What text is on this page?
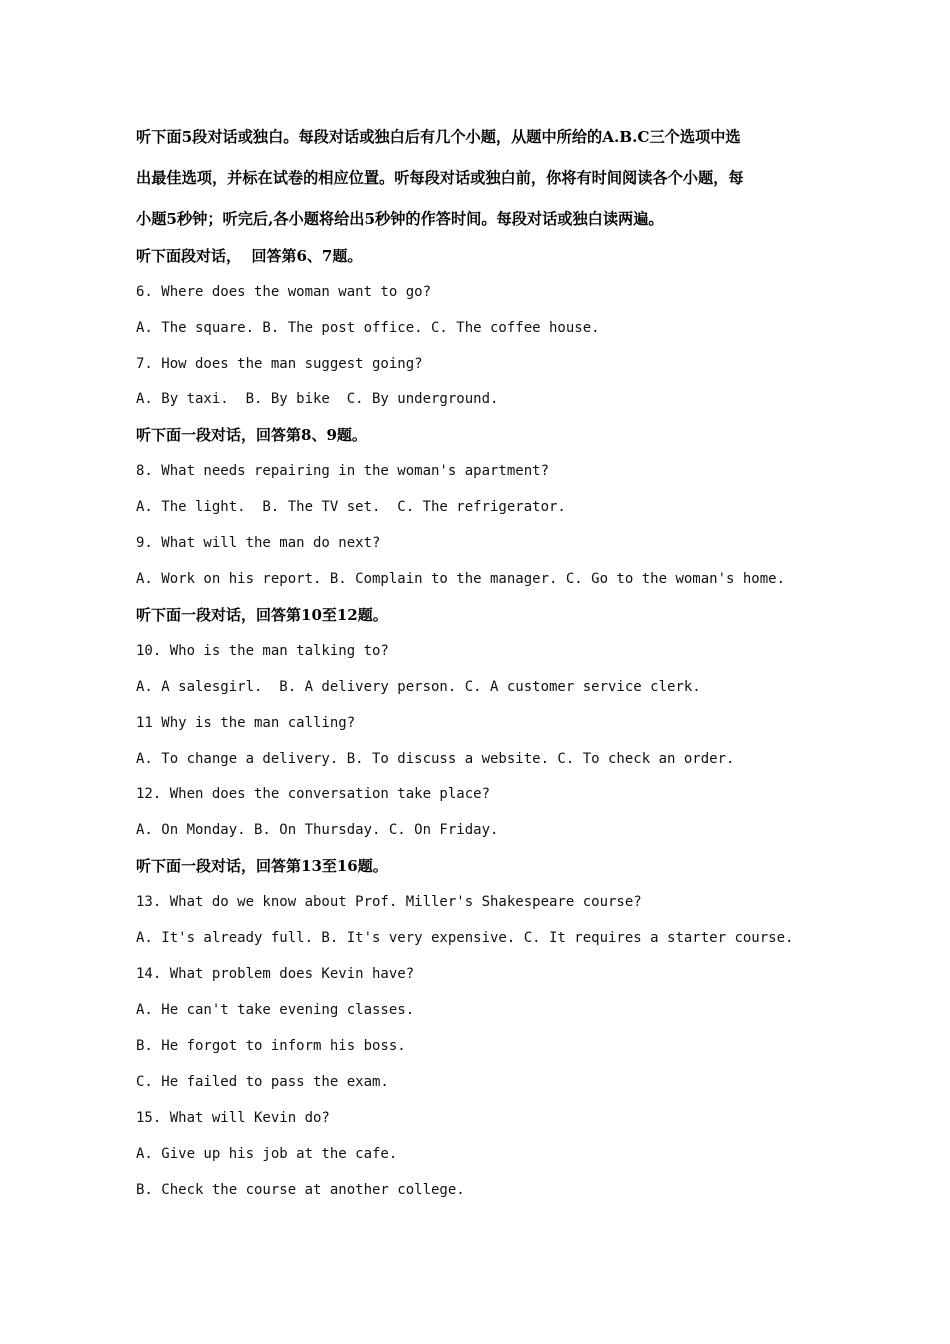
听下面5段对话或独白。每段对话或独白后有几个小题，从题中所给的A.B.C三个选项中选
出最佳选项，并标在试卷的相应位置。听每段对话或独白前，你将有时间阅读各个小题，每
小题5秒钟；听完后,各小题将给出5秒钟的作答时间。每段对话或独白读两遍。
听下面段对话，  回答第6、7题。
6. Where does the woman want to go?
A. The square. B. The post office. C. The coffee house.
7. How does the man suggest going?
A. By taxi.  B. By bike  C. By underground.
听下面一段对话，回答第8、9题。
8. What needs repairing in the woman's apartment?
A. The light.  B. The TV set.  C. The refrigerator.
9. What will the man do next?
A. Work on his report. B. Complain to the manager. C. Go to the woman's home.
听下面一段对话，回答第10至12题。
10. Who is the man talking to?
A. A salesgirl.  B. A delivery person. C. A customer service clerk.
11 Why is the man calling?
A. To change a delivery. B. To discuss a website. C. To check an order.
12. When does the conversation take place?
A. On Monday. B. On Thursday. C. On Friday.
听下面一段对话，回答第13至16题。
13. What do we know about Prof. Miller's Shakespeare course?
A. It's already full. B. It's very expensive. C. It requires a starter course.
14. What problem does Kevin have?
A. He can't take evening classes.
B. He forgot to inform his boss.
C. He failed to pass the exam.
15. What will Kevin do?
A. Give up his job at the cafe.
B. Check the course at another college.
